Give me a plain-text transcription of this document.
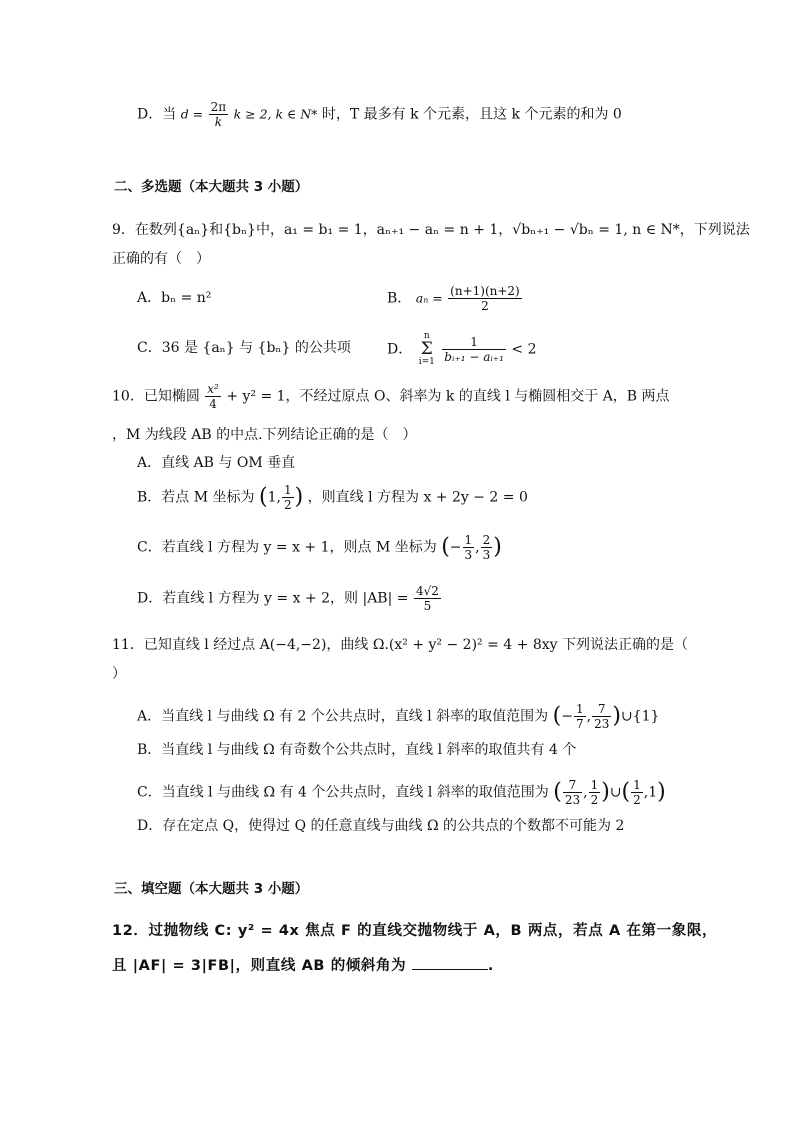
D．当 $d = \frac{2\pi}{k}$ k ≥ 2, k ∈ N* 时，T 最多有 k 个元素，且这 k 个元素的和为 0
二、多选题（本大题共 3 小题）
9．在数列{aₙ}和{bₙ}中，a₁ = b₁ = 1，aₙ₊₁ − aₙ = n + 1，√bₙ₊₁ − √bₙ = 1, n ∈ N*，下列说法
正确的有（　）
A．bₙ = n²	B． $a_n = \frac{(n+1)(n+2)}{2}$
C．36 是 {aₙ} 与 {bₙ} 的公共项	D． n
Σ
$i=1 \frac{1}{\text{bᵢ₊₁ − aᵢ₊₁}} < 2$
10．已知椭圆 $\frac{\text{x²}}{4} + y^2 = 1$，不经过原点 O、斜率为 k 的直线 l 与椭圆相交于 A，B 两点
，M 为线段 AB 的中点.下列结论正确的是（　）
A．直线 AB 与 OM 垂直
B．若点 M 坐标为 (1, $\frac{1}{2}$ ) ，则直线 l 方程为 x + 2y − 2 = 0
C．若直线 l 方程为 y = x + 1，则点 M 坐标为 (− $\frac{1}{3}$ , $\frac{2}{3}$ )
D．若直线 l 方程为 y = x + 2，则 $|AB| = \frac{4√2}{5}$
11．已知直线 l 经过点 A(−4,−2)，曲线 Ω.(x² + y² − 2)² = 4 + 8xy 下列说法正确的是（
）
A．当直线 l 与曲线 Ω 有 2 个公共点时，直线 l 斜率的取值范围为 (− $\frac{1}{7}$ , $\frac{7}{23}$ )∪{1}
B．当直线 l 与曲线 Ω 有奇数个公共点时，直线 l 斜率的取值共有 4 个
C．当直线 l 与曲线 Ω 有 4 个公共点时，直线 l 斜率的取值范围为 ( $\frac{7}{23}$ , $\frac{1}{2}$ )∪( $\frac{1}{2} ,1$)
D．存在定点 Q，使得过 Q 的任意直线与曲线 Ω 的公共点的个数都不可能为 2
三、填空题（本大题共 3 小题）
12．过抛物线 C: y² = 4x 焦点 F 的直线交抛物线于 A，B 两点，若点 A 在第一象限，
且 |AF| = 3|FB|，则直线 AB 的倾斜角为	.
